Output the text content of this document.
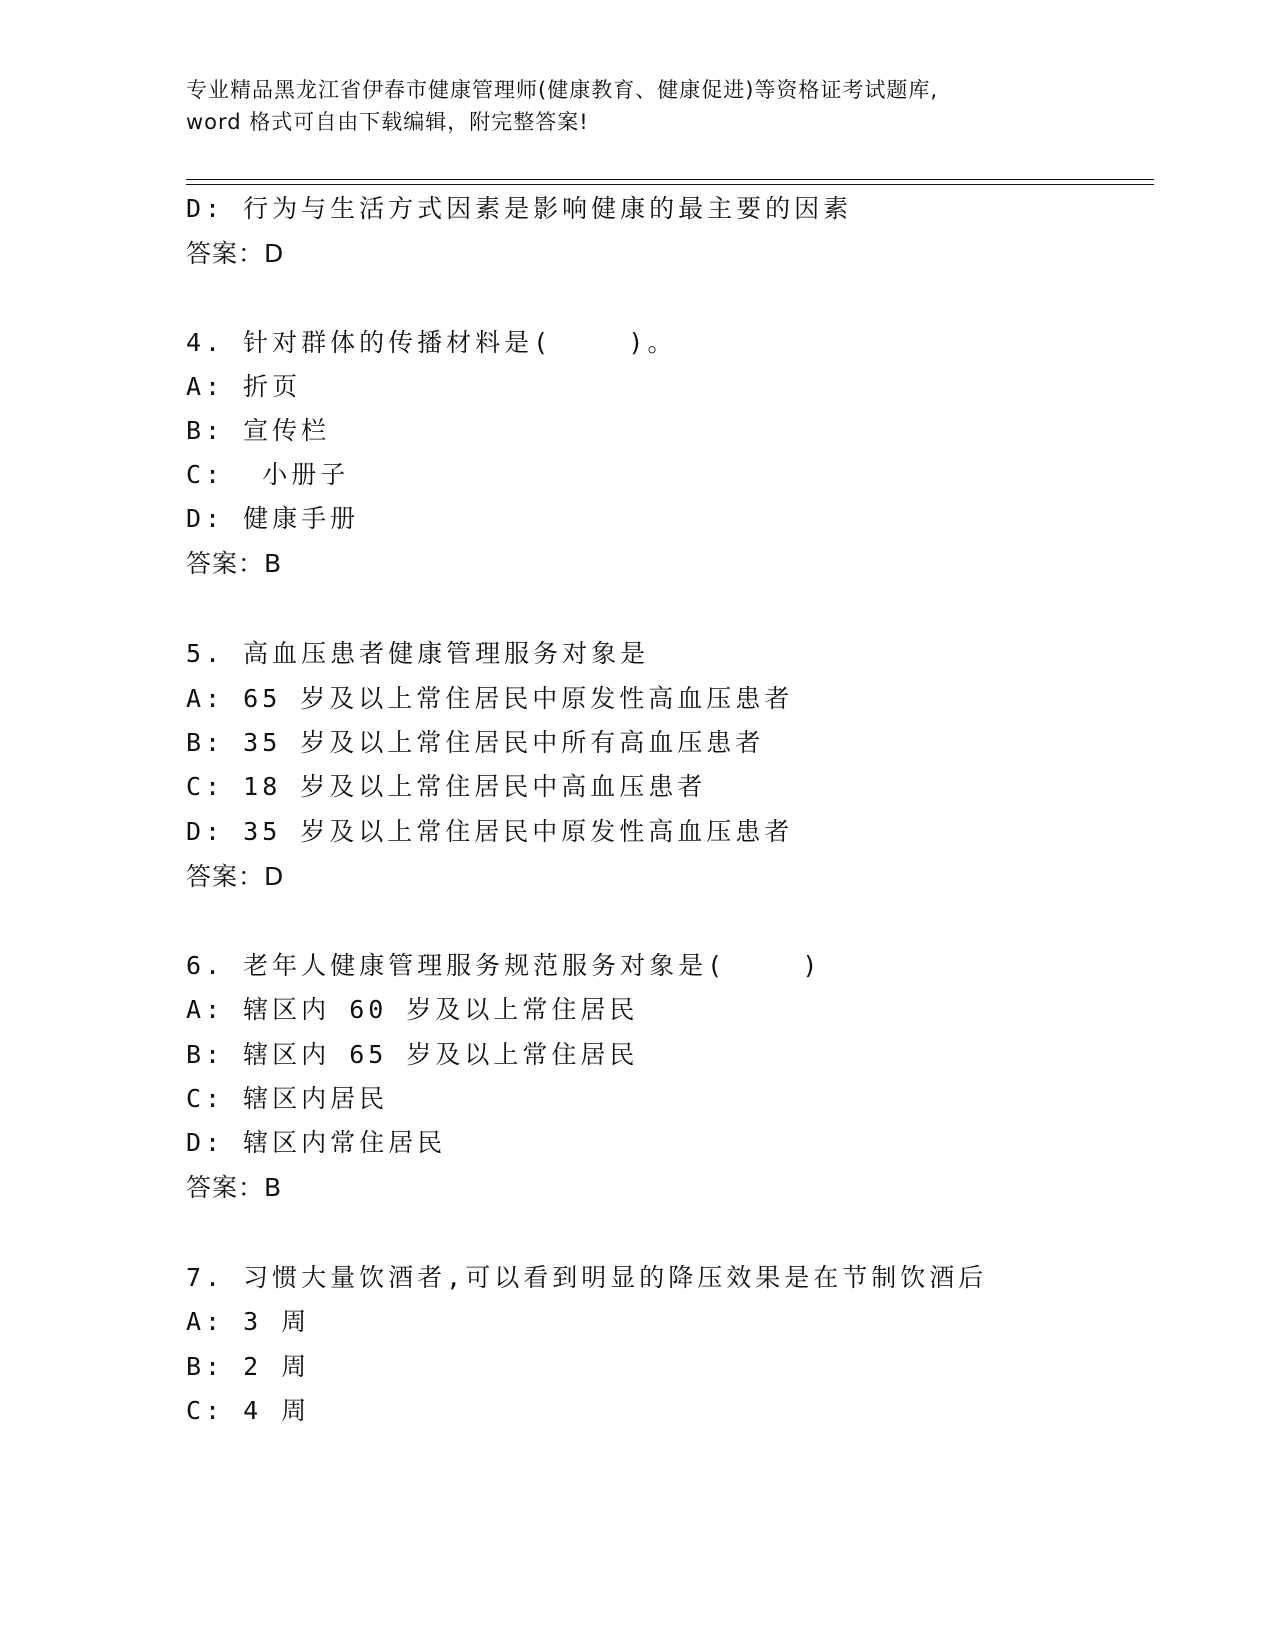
专业精品黑龙江省伊春市健康管理师(健康教育、健康促进)等资格证考试题库,
word 格式可自由下载编辑，附完整答案!
D: 行为与生活方式因素是影响健康的最主要的因素
答案：D
4. 针对群体的传播材料是(    )。
A: 折页
B: 宣传栏
C:  小册子
D: 健康手册
答案：B
5. 高血压患者健康管理服务对象是
A: 65 岁及以上常住居民中原发性高血压患者
B: 35 岁及以上常住居民中所有高血压患者
C: 18 岁及以上常住居民中高血压患者
D: 35 岁及以上常住居民中原发性高血压患者
答案：D
6. 老年人健康管理服务规范服务对象是(    )
A: 辖区内 60 岁及以上常住居民
B: 辖区内 65 岁及以上常住居民
C: 辖区内居民
D: 辖区内常住居民
答案：B
7. 习惯大量饮酒者,可以看到明显的降压效果是在节制饮酒后
A: 3 周
B: 2 周
C: 4 周
